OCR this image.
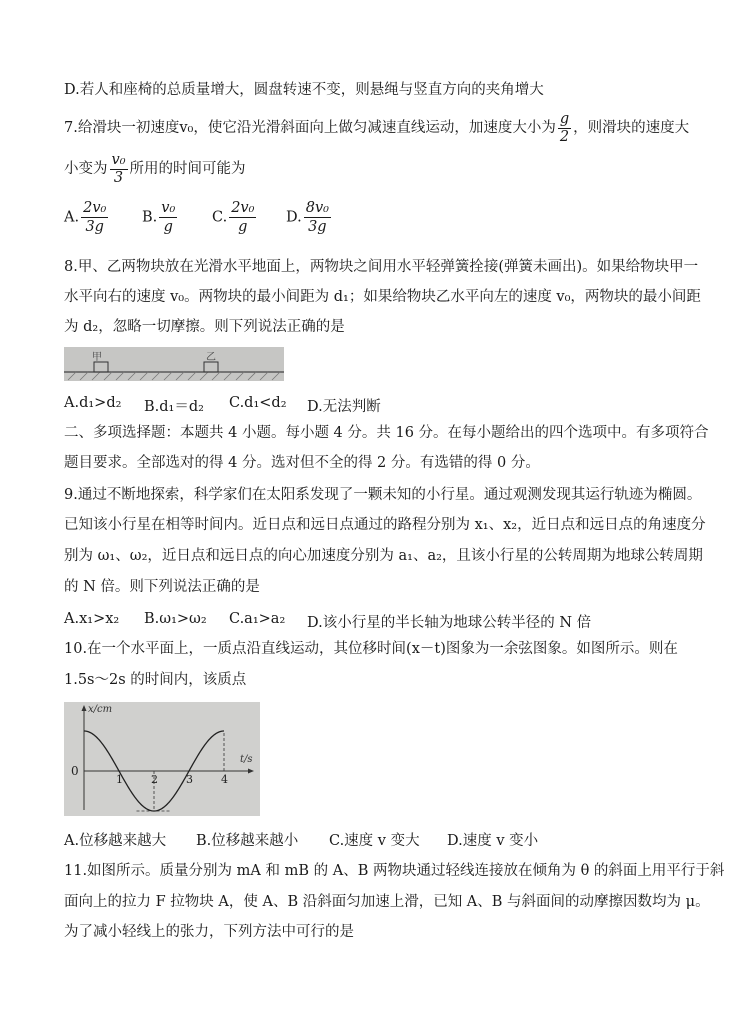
D.若人和座椅的总质量增大，圆盘转速不变，则悬绳与竖直方向的夹角增大
7.给滑块一初速度v₀，使它沿光滑斜面向上做匀减速直线运动，加速度大小为 $\frac{g}{2}$ ，则滑块的速度大
小变为 $\frac{\text{v₀}}{3}$ 所用的时间可能为
A. $\frac{\text{2v₀}}{3g} B$. $\frac{\text{v₀}}{g} C$. $\frac{\text{2v₀}}{g} D$. $\frac{\text{8v₀}}{3g}$
8.甲、乙两物块放在光滑水平地面上，两物块之间用水平轻弹簧拴接(弹簧未画出)。如果给物块甲一
水平向右的速度 v₀。两物块的最小间距为 d₁；如果给物块乙水平向左的速度 v₀，两物块的最小间距
为 d₂，忽略一切摩擦。则下列说法正确的是
甲	乙
A.d₁>d₂ B.d₁＝d₂ C.d₁<d₂ D.无法判断
二、多项选择题：本题共 4 小题。每小题 4 分。共 16 分。在每小题给出的四个选项中。有多项符合
题目要求。全部选对的得 4 分。选对但不全的得 2 分。有选错的得 0 分。
9.通过不断地探索，科学家们在太阳系发现了一颗未知的小行星。通过观测发现其运行轨迹为椭圆。
已知该小行星在相等时间内。近日点和远日点通过的路程分别为 x₁、x₂，近日点和远日点的角速度分
别为 ω₁、ω₂，近日点和远日点的向心加速度分别为 a₁、a₂，且该小行星的公转周期为地球公转周期
的 N 倍。则下列说法正确的是
A.x₁>x₂ B.ω₁>ω₂ C.a₁>a₂ D.该小行星的半长轴为地球公转半径的 N 倍
10.在一个水平面上，一质点沿直线运动，其位移时间(x－t)图象为一余弦图象。如图所示。则在
1.5s～2s 的时间内，该质点
1	2	3	4
x/cm
t/s
0
A.位移越来越大 B.位移越来越小 C.速度 v 变大 D.速度 v 变小
11.如图所示。质量分别为 mA 和 mB 的 A、B 两物块通过轻线连接放在倾角为 θ 的斜面上用平行于斜
面向上的拉力 F 拉物块 A，使 A、B 沿斜面匀加速上滑，已知 A、B 与斜面间的动摩擦因数均为 μ。
为了减小轻线上的张力，下列方法中可行的是
